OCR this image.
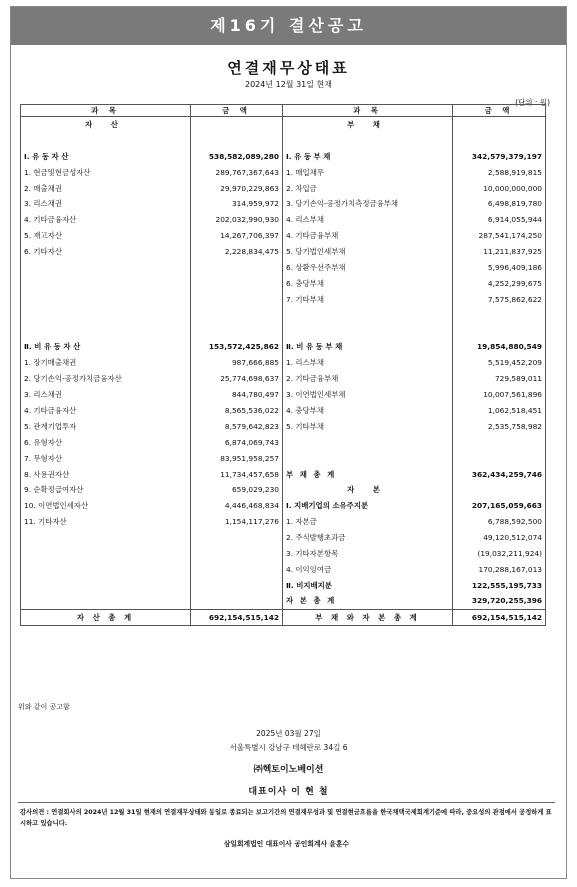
제16기 결산공고
연결재무상태표
2024년 12월 31일 현재
(단위 : 원)
과 목	금 액	과 목	금 액
자 산		부 채	

Ⅰ. 유 동 자 산	538,582,089,280	Ⅰ. 유 동 부 채	342,579,379,197
1. 현금및현금성자산	289,767,367,643	1. 매입채무	2,588,919,815
2. 매출채권	29,970,229,863	2. 차입금	10,000,000,000
3. 리스채권	314,959,972	3. 당기손익-공정가치측정금융부채	6,498,819,780
4. 기타금융자산	202,032,990,930	4. 리스부채	6,914,055,944
5. 재고자산	14,267,706,397	4. 기타금융부채	287,541,174,250
6. 기타자산	2,228,834,475	5. 당기법인세부채	11,211,837,925
		6. 상환우선주부채	5,996,409,186
		6. 충당부채	4,252,299,675
		7. 기타부채	7,575,862,622

Ⅱ. 비 유 동 자 산	153,572,425,862	Ⅱ. 비 유 동 부 채	19,854,880,549
1. 장기매출채권	987,666,885	1. 리스부채	5,519,452,209
2. 당기손익-공정가치금융자산	25,774,698,637	2. 기타금융부채	729,589,011
3. 리스채권	844,780,497	3. 이연법인세부채	10,007,561,896
4. 기타금융자산	8,565,536,022	4. 충당부채	1,062,518,451
5. 관계기업투자	8,579,642,823	5. 기타부채	2,535,758,982
6. 유형자산	6,874,069,743		
7. 무형자산	83,951,958,257		
8. 사용권자산	11,734,457,658	부 채 총 계	362,434,259,746
9. 순확정급여자산	659,029,230	자 본	
10. 이연법인세자산	4,446,468,834	Ⅰ. 지배기업의 소유주지분	207,165,059,663
11. 기타자산	1,154,117,276	1. 자본금	6,788,592,500
		2. 주식발행초과금	49,120,512,074
		3. 기타자본항목	(19,032,211,924)
		4. 이익잉여금	170,288,167,013
		Ⅱ. 비지배지분	122,555,195,733
		자 본 총 계	329,720,255,396
자 산 총 계	692,154,515,142	부 채 와 자 본 총 계	692,154,515,142
위와 같이 공고함
2025년 03월 27일
서울특별시 강남구 테헤란로 34길 6
㈜헥토이노베이션
대표이사 이 현 철
감사의견 : 연결회사의 2024년 12월 31일 현재의 연결재무상태와 동일로 종료되는 보고기간의 연결재무성과 및 연결현금흐름을 한국채택국제회계기준에 따라, 중요성의 관점에서 공정하게 표시하고 있습니다.
삼일회계법인 대표이사 공인회계사 윤훈수
